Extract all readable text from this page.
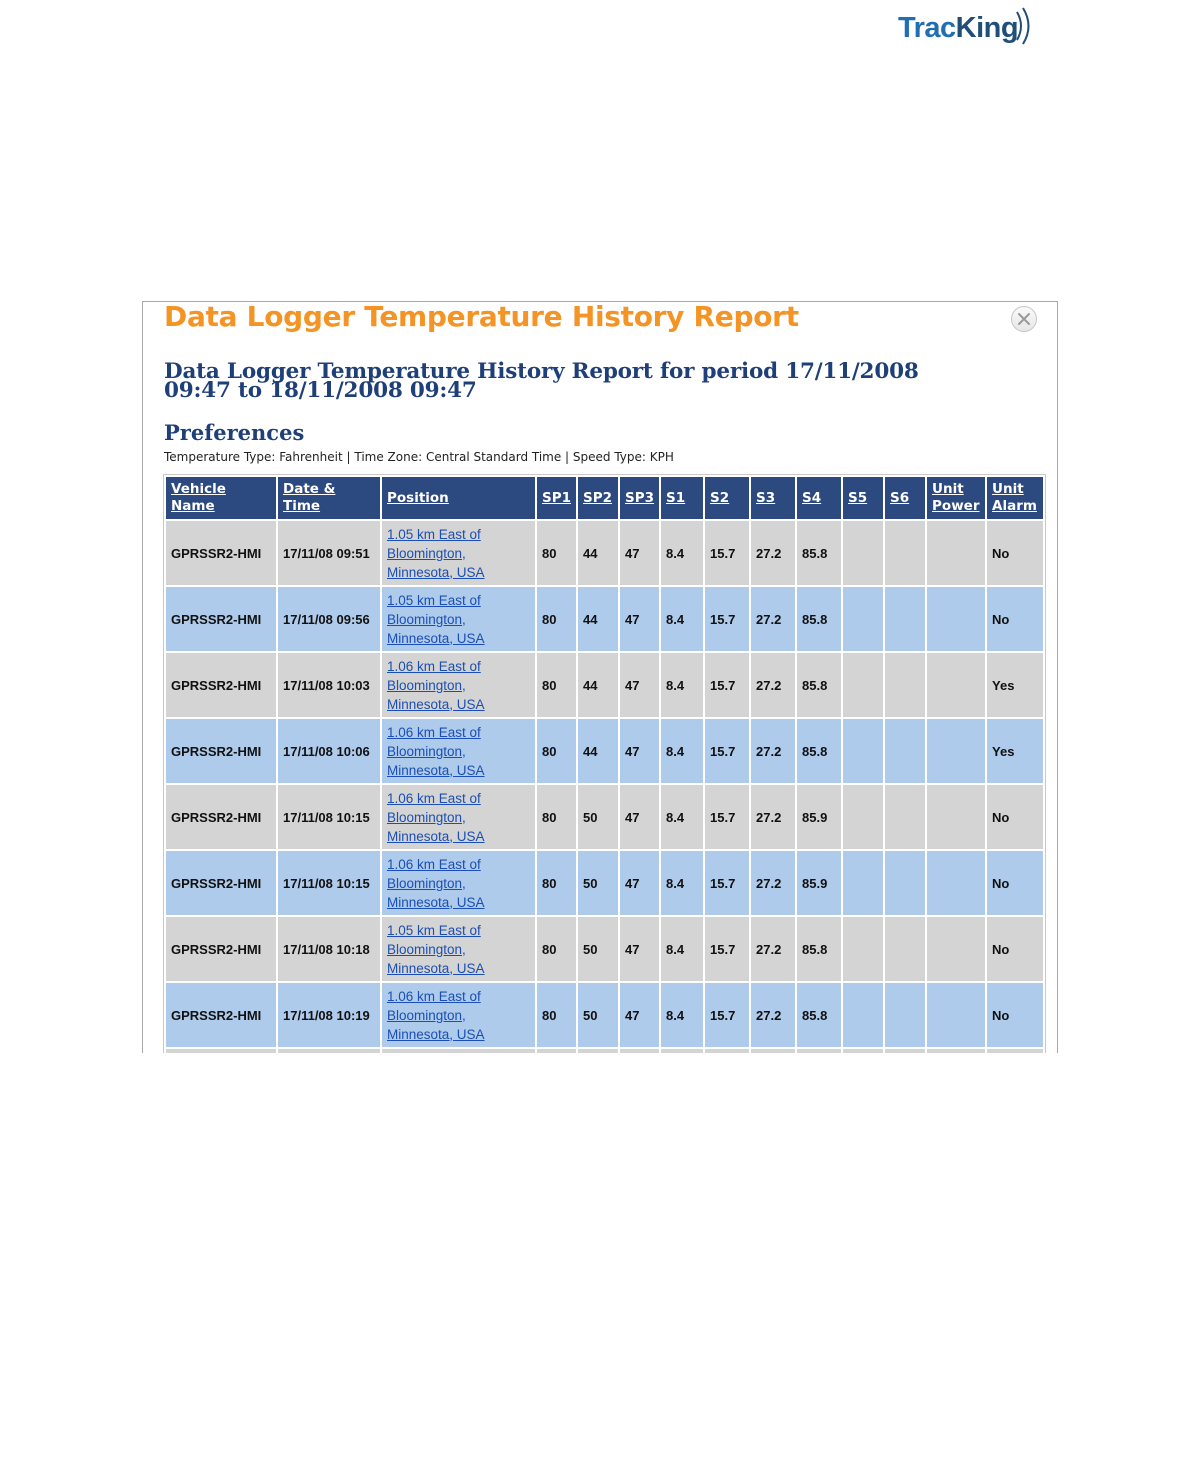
TracKing
Data Logger Temperature History Report
Data Logger Temperature History Report for period 17/11/2008 09:47 to 18/11/2008 09:47
Preferences
Temperature Type: Fahrenheit | Time Zone: Central Standard Time | Speed Type: KPH
Vehicle Name	Date & Time	Position	SP1	SP2	SP3	S1	S2	S3	S4	S5	S6	Unit Power	Unit Alarm
GPRSSR2-HMI	17/11/08 09:51	1.05 km East of Bloomington, Minnesota, USA	80	44	47	8.4	15.7	27.2	85.8				No
GPRSSR2-HMI	17/11/08 09:56	1.05 km East of Bloomington, Minnesota, USA	80	44	47	8.4	15.7	27.2	85.8				No
GPRSSR2-HMI	17/11/08 10:03	1.06 km East of Bloomington, Minnesota, USA	80	44	47	8.4	15.7	27.2	85.8				Yes
GPRSSR2-HMI	17/11/08 10:06	1.06 km East of Bloomington, Minnesota, USA	80	44	47	8.4	15.7	27.2	85.8				Yes
GPRSSR2-HMI	17/11/08 10:15	1.06 km East of Bloomington, Minnesota, USA	80	50	47	8.4	15.7	27.2	85.9				No
GPRSSR2-HMI	17/11/08 10:15	1.06 km East of Bloomington, Minnesota, USA	80	50	47	8.4	15.7	27.2	85.9				No
GPRSSR2-HMI	17/11/08 10:18	1.05 km East of Bloomington, Minnesota, USA	80	50	47	8.4	15.7	27.2	85.8				No
GPRSSR2-HMI	17/11/08 10:19	1.06 km East of Bloomington, Minnesota, USA	80	50	47	8.4	15.7	27.2	85.8				No
